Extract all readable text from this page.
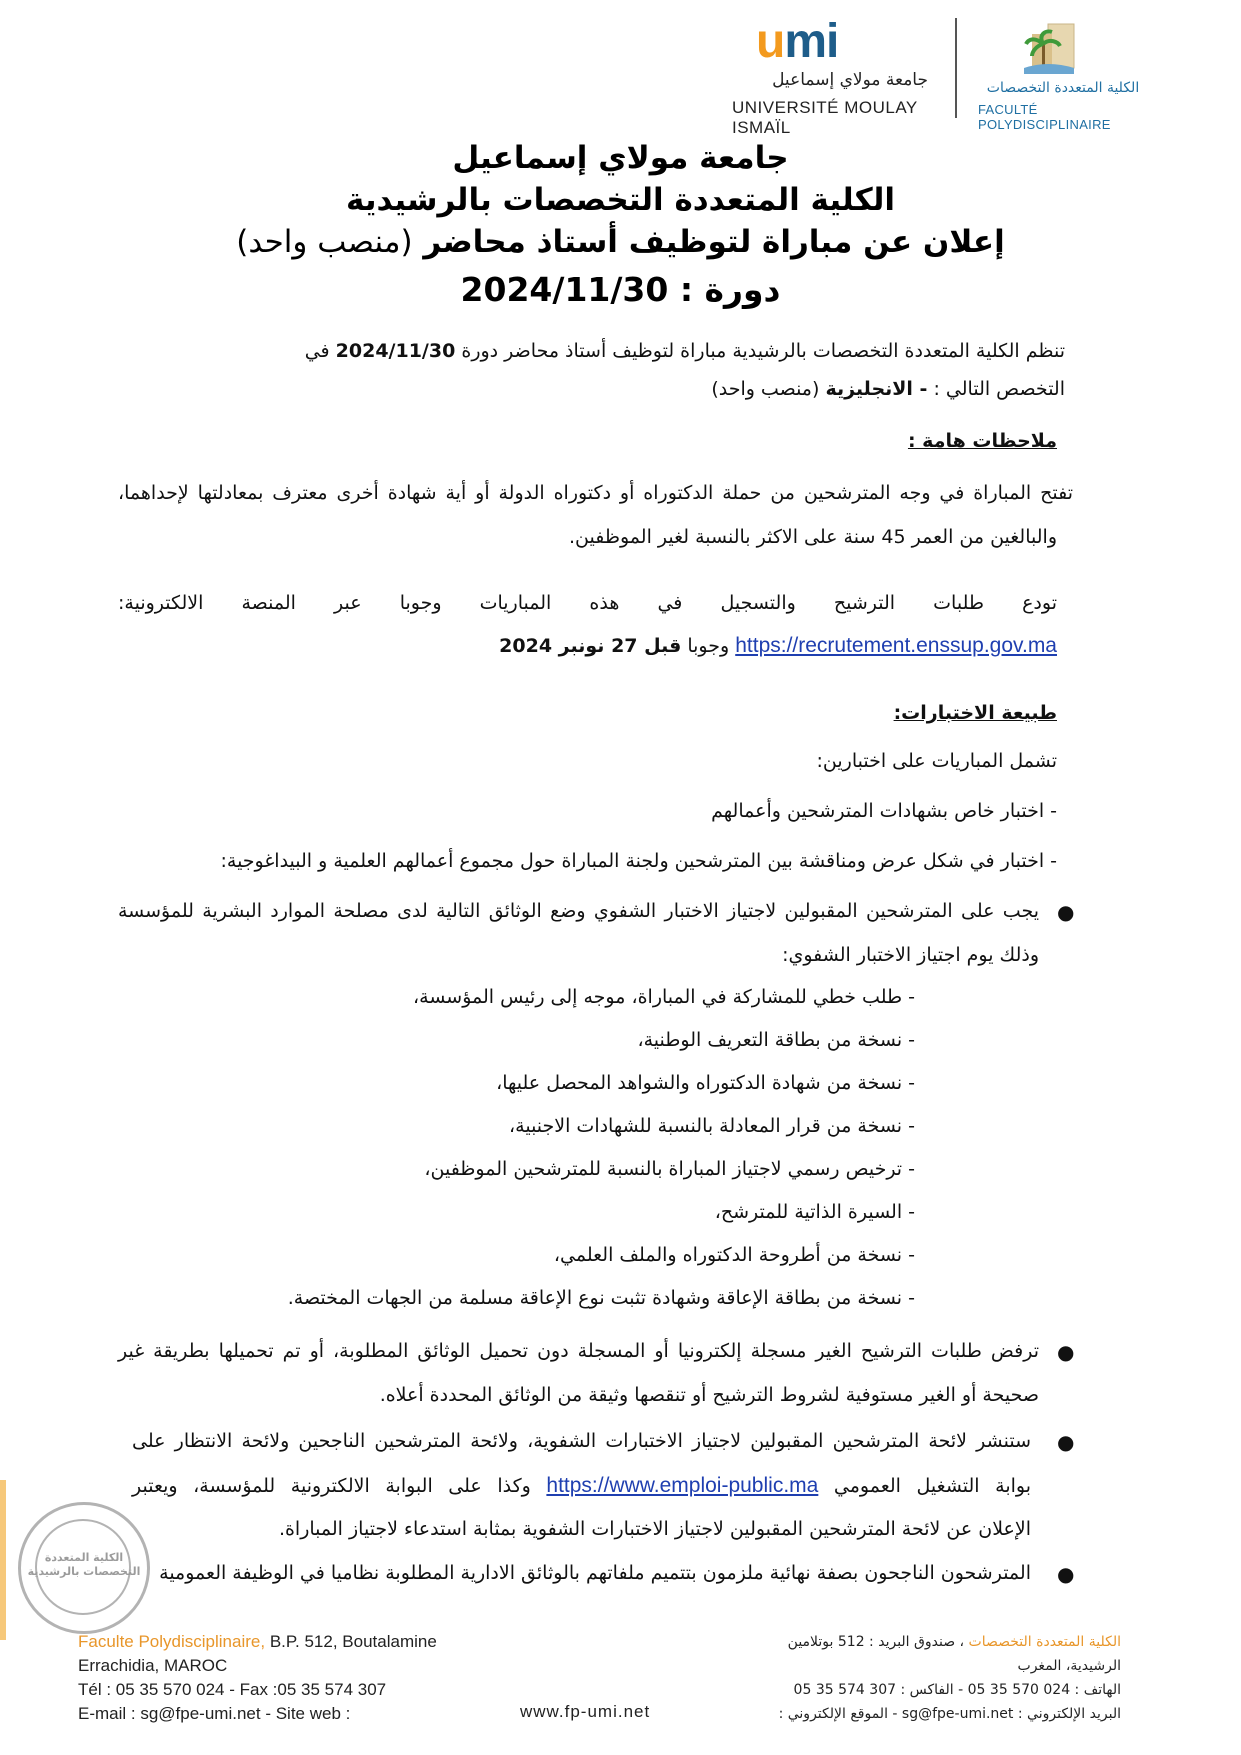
umi
جامعة مولاي إسماعيل
UNIVERSITÉ MOULAY ISMAÏL
الكلية المتعددة التخصصات
FACULTÉ POLYDISCIPLINAIRE
جامعة مولاي إسماعيل
الكلية المتعددة التخصصات بالرشيدية
إعلان عن مباراة لتوظيف أستاذ محاضر (منصب واحد)
دورة : 2024/11/30
تنظم الكلية المتعددة التخصصات بالرشيدية مباراة لتوظيف أستاذ محاضر دورة 2024/11/30 في
التخصص التالي : - الانجليزية (منصب واحد)
ملاحظات هامة :
تفتح المباراة في وجه المترشحين من حملة الدكتوراه أو دكتوراه الدولة أو أية شهادة أخرى معترف بمعادلتها لإحداهما،
والبالغين من العمر 45 سنة على الاكثر بالنسبة لغير الموظفين.
تودع طلبات الترشيح والتسجيل في هذه المباريات وجوبا عبر المنصة الالكترونية:
https://recrutement.enssup.gov.ma وجوبا قبل 27 نونبر 2024
طبيعة الاختبارات:
تشمل المباريات على اختبارين:
- اختبار خاص بشهادات المترشحين وأعمالهم
- اختبار في شكل عرض ومناقشة بين المترشحين ولجنة المباراة حول مجموع أعمالهم العلمية و البيداغوجية:
●
يجب على المترشحين المقبولين لاجتياز الاختبار الشفوي وضع الوثائق التالية لدى مصلحة الموارد البشرية للمؤسسة
وذلك يوم اجتياز الاختبار الشفوي:
- طلب خطي للمشاركة في المباراة، موجه إلى رئيس المؤسسة،
- نسخة من بطاقة التعريف الوطنية،
- نسخة من شهادة الدكتوراه والشواهد المحصل عليها،
- نسخة من قرار المعادلة بالنسبة للشهادات الاجنبية،
- ترخيص رسمي لاجتياز المباراة بالنسبة للمترشحين الموظفين،
- السيرة الذاتية للمترشح،
- نسخة من أطروحة الدكتوراه والملف العلمي،
- نسخة من بطاقة الإعاقة وشهادة تثبت نوع الإعاقة مسلمة من الجهات المختصة.
●
ترفض طلبات الترشيح الغير مسجلة إلكترونيا أو المسجلة دون تحميل الوثائق المطلوبة، أو تم تحميلها بطريقة غير
صحيحة أو الغير مستوفية لشروط الترشيح أو تنقصها وثيقة من الوثائق المحددة أعلاه.
●
ستنشر لائحة المترشحين المقبولين لاجتياز الاختبارات الشفوية، ولائحة المترشحين الناجحين ولائحة الانتظار على
بوابة التشغيل العمومي https://www.emploi-public.ma وكذا على البوابة الالكترونية للمؤسسة، ويعتبر
الإعلان عن لائحة المترشحين المقبولين لاجتياز الاختبارات الشفوية بمثابة استدعاء لاجتياز المباراة.
●
المترشحون الناجحون بصفة نهائية ملزمون بتتميم ملفاتهم بالوثائق الادارية المطلوبة نظاميا في الوظيفة العمومية
الكلية المتعددة التخصصات بالرشيدية
Faculte Polydisciplinaire, B.P. 512, Boutalamine
Errachidia, MAROC
Tél : 05 35 570 024 - Fax :05 35 574 307
E-mail : sg@fpe-umi.net - Site web :	www.fp-umi.net
الكلية المتعددة التخصصات ، صندوق البريد : 512 بوتلامين
الرشيدية، المغرب
الهاتف : 024 570 35 05 - الفاكس : 307 574 35 05
البريد الإلكتروني : sg@fpe-umi.net - الموقع الإلكتروني :
